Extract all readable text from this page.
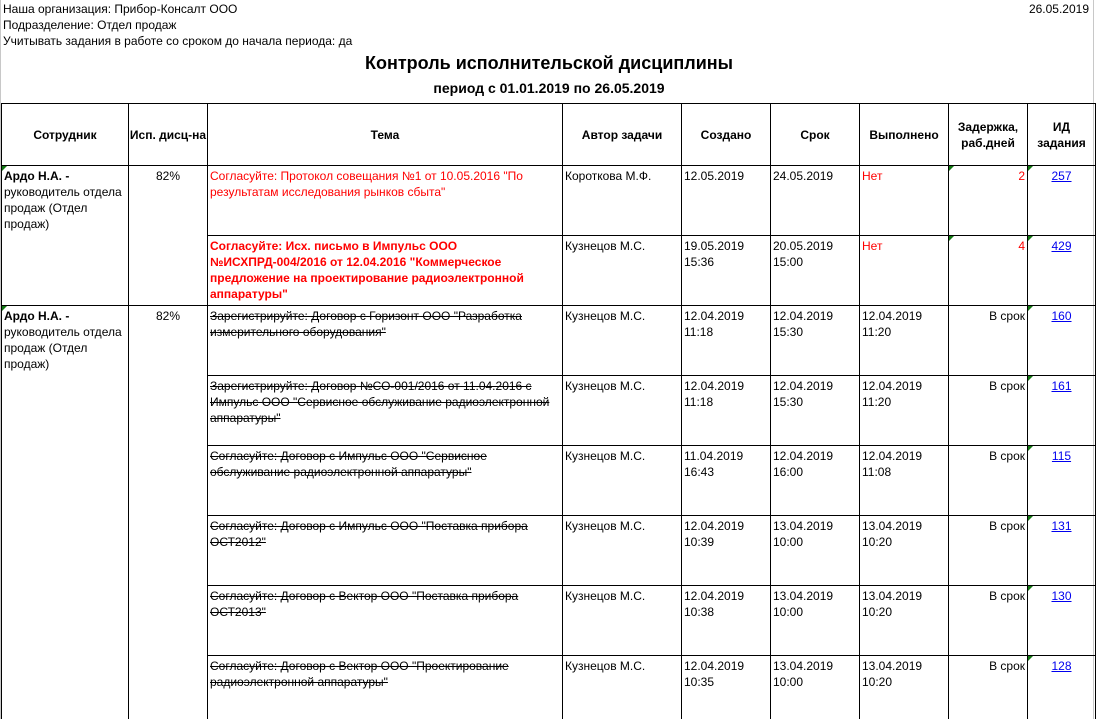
Наша организация: Прибор-Консалт ООО
Подразделение: Отдел продаж
Учитывать задания в работе со сроком до начала периода: да
26.05.2019
Контроль исполнительской дисциплины
период с 01.01.2019 по 26.05.2019
Сотрудник	Исп. дисц-на	Тема	Автор задачи	Создано	Срок	Выполнено	Задержка, раб.дней	ИД задания

Ардо Н.А. -
руководитель отдела продаж (Отдел продаж)	82%	Согласуйте: Протокол совещания №1 от 10.05.2016 "По результатам исследования рынков сбыта"	Короткова М.Ф.	12.05.2019	24.05.2019	Нет	2	257

		Согласуйте: Исх. письмо в Импульс ООО №ИСХПРД-004/2016 от 12.04.2016 "Коммерческое предложение на проектирование радиоэлектронной аппаратуры"	Кузнецов М.С.	19.05.2019 15:36	20.05.2019 15:00	Нет	4	429

Ардо Н.А. -
руководитель отдела продаж (Отдел продаж)	82%	Зарегистрируйте: Договор с Горизонт ООО "Разработка измерительного оборудования"	Кузнецов М.С.	12.04.2019 11:18	12.04.2019 15:30	12.04.2019 11:20	В срок	160

		Зарегистрируйте: Договор №СО-001/2016 от 11.04.2016 с Импульс ООО "Сервисное обслуживание радиоэлектронной аппаратуры"	Кузнецов М.С.	12.04.2019 11:18	12.04.2019 15:30	12.04.2019 11:20	В срок	161

		Согласуйте: Договор с Импульс ООО "Сервисное обслуживание радиоэлектронной аппаратуры"	Кузнецов М.С.	11.04.2019 16:43	12.04.2019 16:00	12.04.2019 11:08	В срок	115

		Согласуйте: Договор с Импульс ООО "Поставка прибора ОСТ2012"	Кузнецов М.С.	12.04.2019 10:39	13.04.2019 10:00	13.04.2019 10:20	В срок	131

		Согласуйте: Договор с Вектор ООО "Поставка прибора ОСТ2013"	Кузнецов М.С.	12.04.2019 10:38	13.04.2019 10:00	13.04.2019 10:20	В срок	130

		Согласуйте: Договор с Вектор ООО "Проектирование радиоэлектронной аппаратуры"	Кузнецов М.С.	12.04.2019 10:35	13.04.2019 10:00	13.04.2019 10:20	В срок	128
